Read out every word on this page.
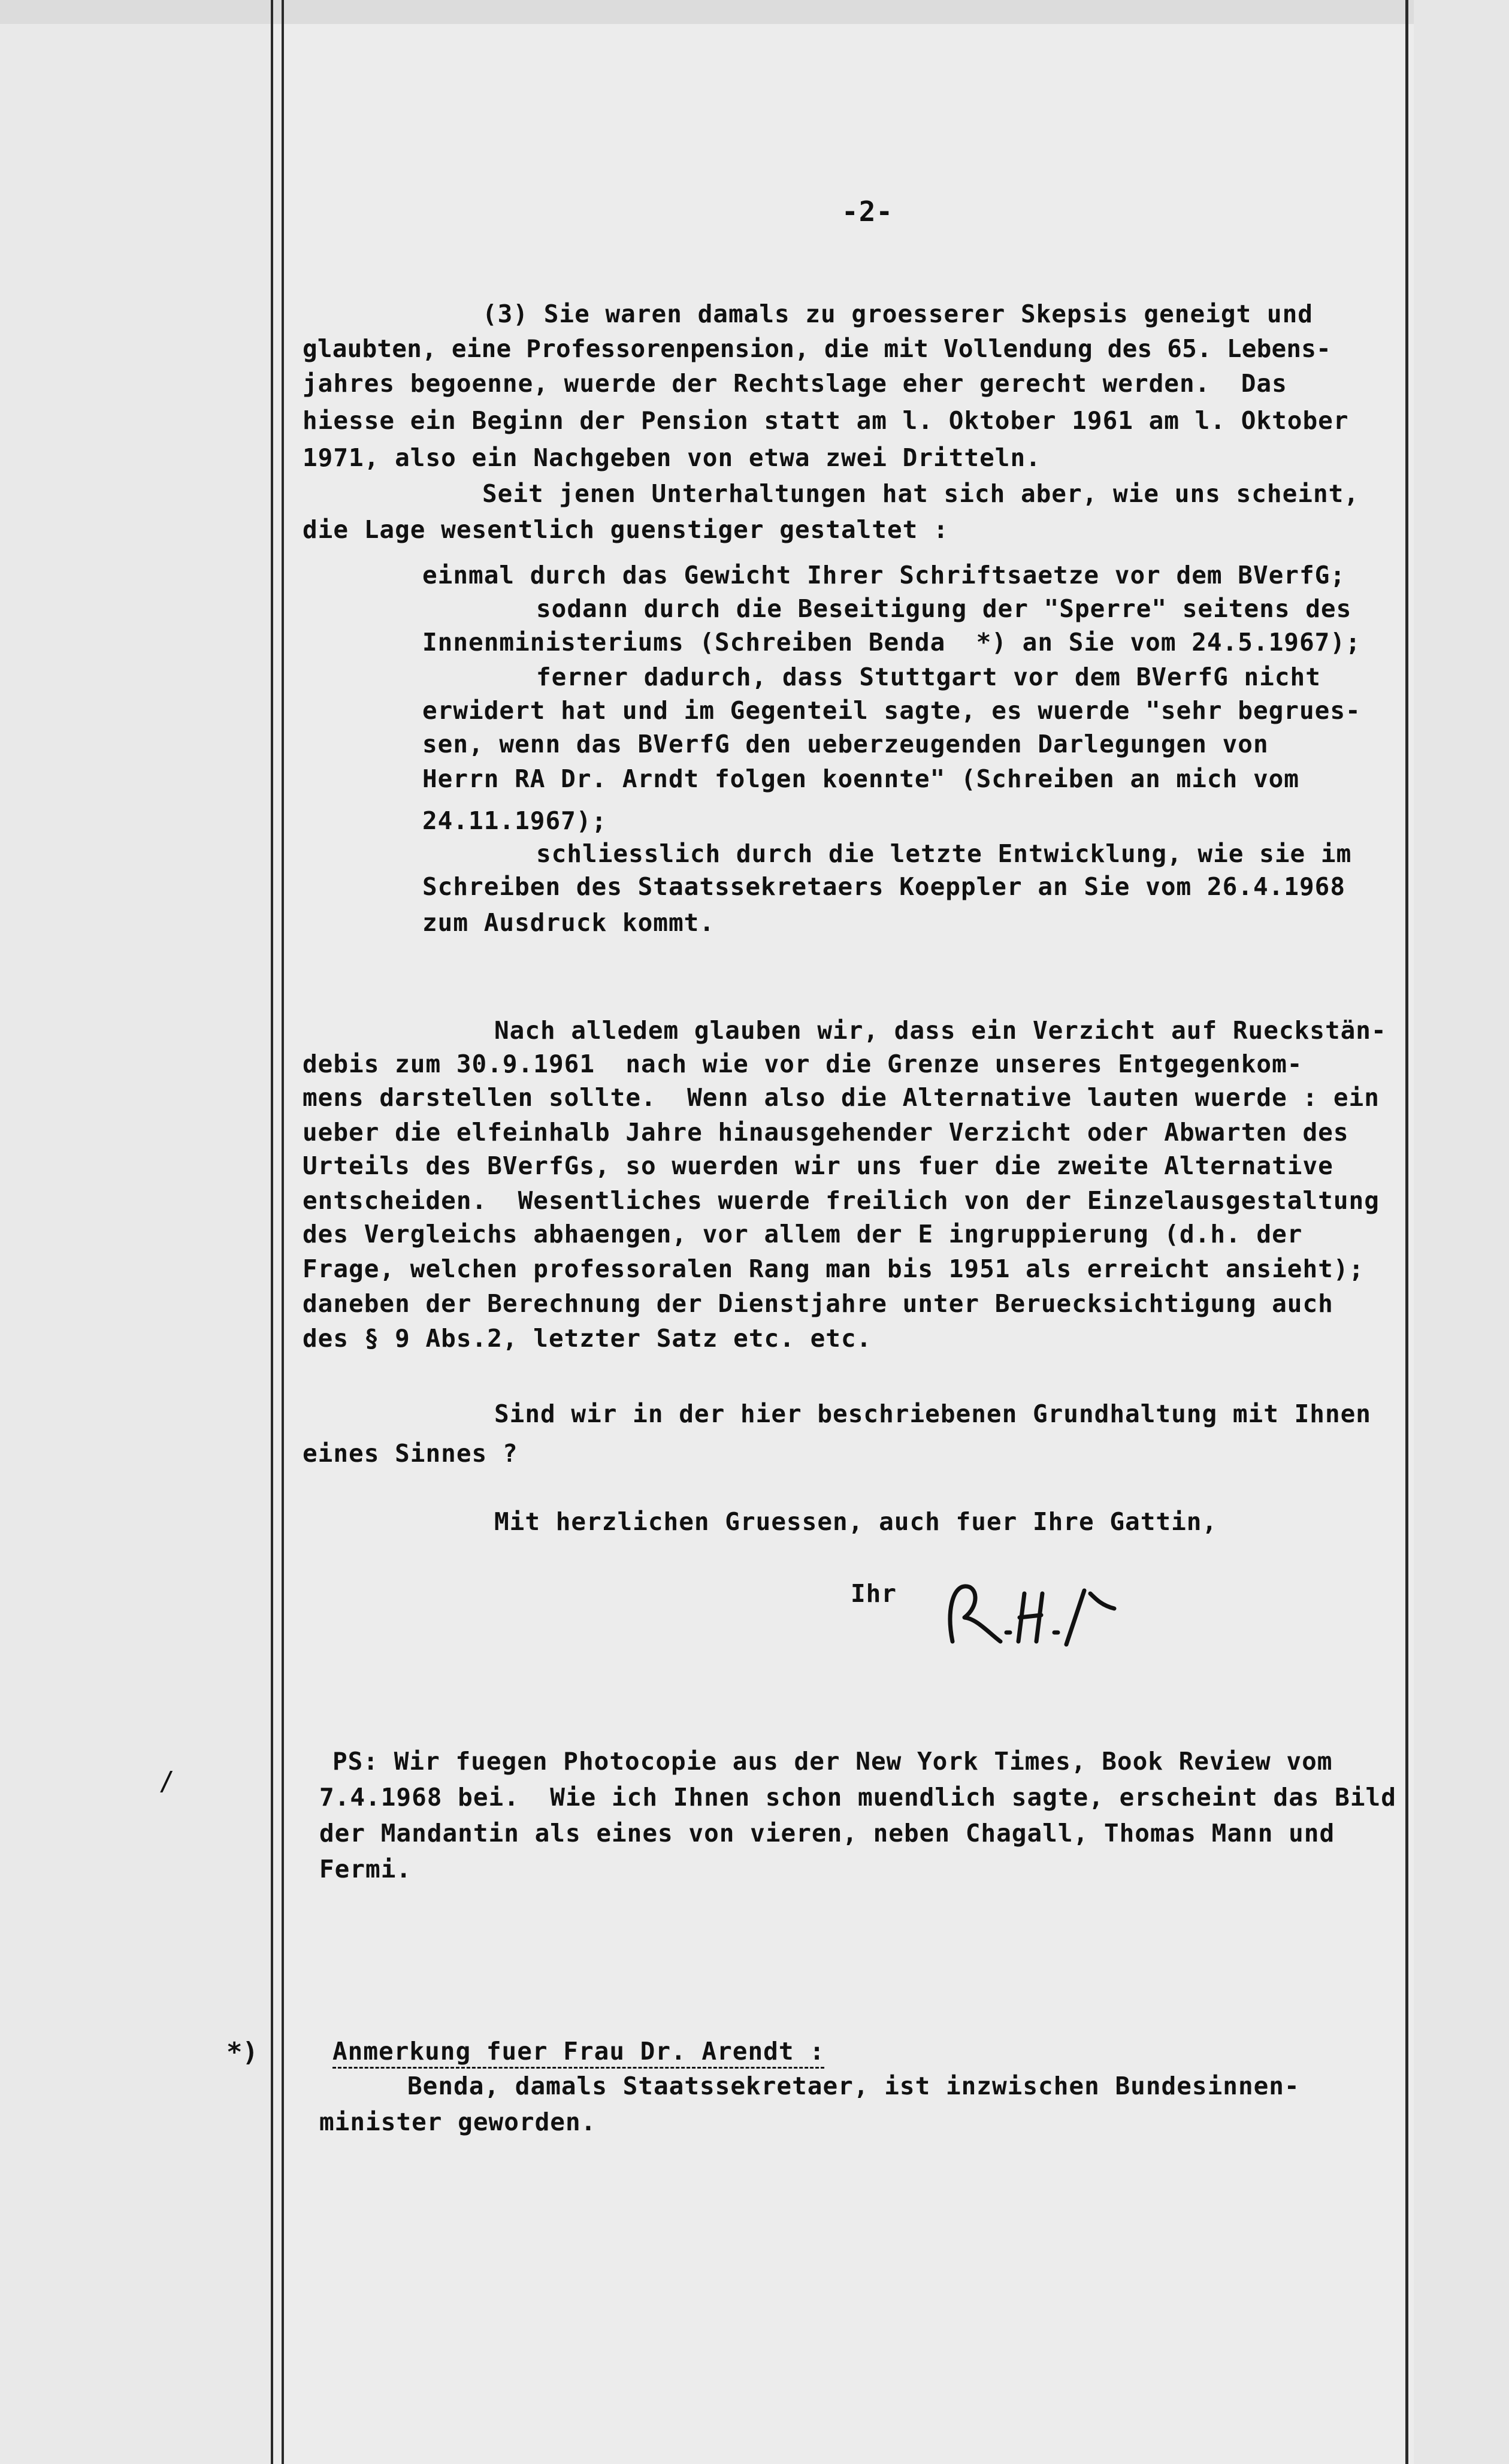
-2-
(3) Sie waren damals zu groesserer Skepsis geneigt und
glaubten, eine Professorenpension, die mit Vollendung des 65. Lebens-
jahres begoenne, wuerde der Rechtslage eher gerecht werden.  Das
hiesse ein Beginn der Pension statt am l. Oktober 1961 am l. Oktober
1971, also ein Nachgeben von etwa zwei Dritteln.
Seit jenen Unterhaltungen hat sich aber, wie uns scheint,
die Lage wesentlich guenstiger gestaltet :
einmal durch das Gewicht Ihrer Schriftsaetze vor dem BVerfG;
sodann durch die Beseitigung der "Sperre" seitens des
Innenministeriums (Schreiben Benda  *) an Sie vom 24.5.1967);
ferner dadurch, dass Stuttgart vor dem BVerfG nicht
erwidert hat und im Gegenteil sagte, es wuerde "sehr begrues-
sen, wenn das BVerfG den ueberzeugenden Darlegungen von
Herrn RA Dr. Arndt folgen koennte" (Schreiben an mich vom
24.11.1967);
schliesslich durch die letzte Entwicklung, wie sie im
Schreiben des Staatssekretaers Koeppler an Sie vom 26.4.1968
zum Ausdruck kommt.
Nach alledem glauben wir, dass ein Verzicht auf Rueckstän-
debis zum 30.9.1961  nach wie vor die Grenze unseres Entgegenkom-
mens darstellen sollte.  Wenn also die Alternative lauten wuerde : ein
ueber die elfeinhalb Jahre hinausgehender Verzicht oder Abwarten des
Urteils des BVerfGs, so wuerden wir uns fuer die zweite Alternative
entscheiden.  Wesentliches wuerde freilich von der Einzelausgestaltung
des Vergleichs abhaengen, vor allem der E ingruppierung (d.h. der
Frage, welchen professoralen Rang man bis 1951 als erreicht ansieht);
daneben der Berechnung der Dienstjahre unter Beruecksichtigung auch
des § 9 Abs.2, letzter Satz etc. etc.
Sind wir in der hier beschriebenen Grundhaltung mit Ihnen
eines Sinnes ?
Mit herzlichen Gruessen, auch fuer Ihre Gattin,
Ihr
/
PS: Wir fuegen Photocopie aus der New York Times, Book Review vom
7.4.1968 bei.  Wie ich Ihnen schon muendlich sagte, erscheint das Bild
der Mandantin als eines von vieren, neben Chagall, Thomas Mann und
Fermi.
*)	Anmerkung fuer Frau Dr. Arendt :
Benda, damals Staatssekretaer, ist inzwischen Bundesinnen-
minister geworden.
